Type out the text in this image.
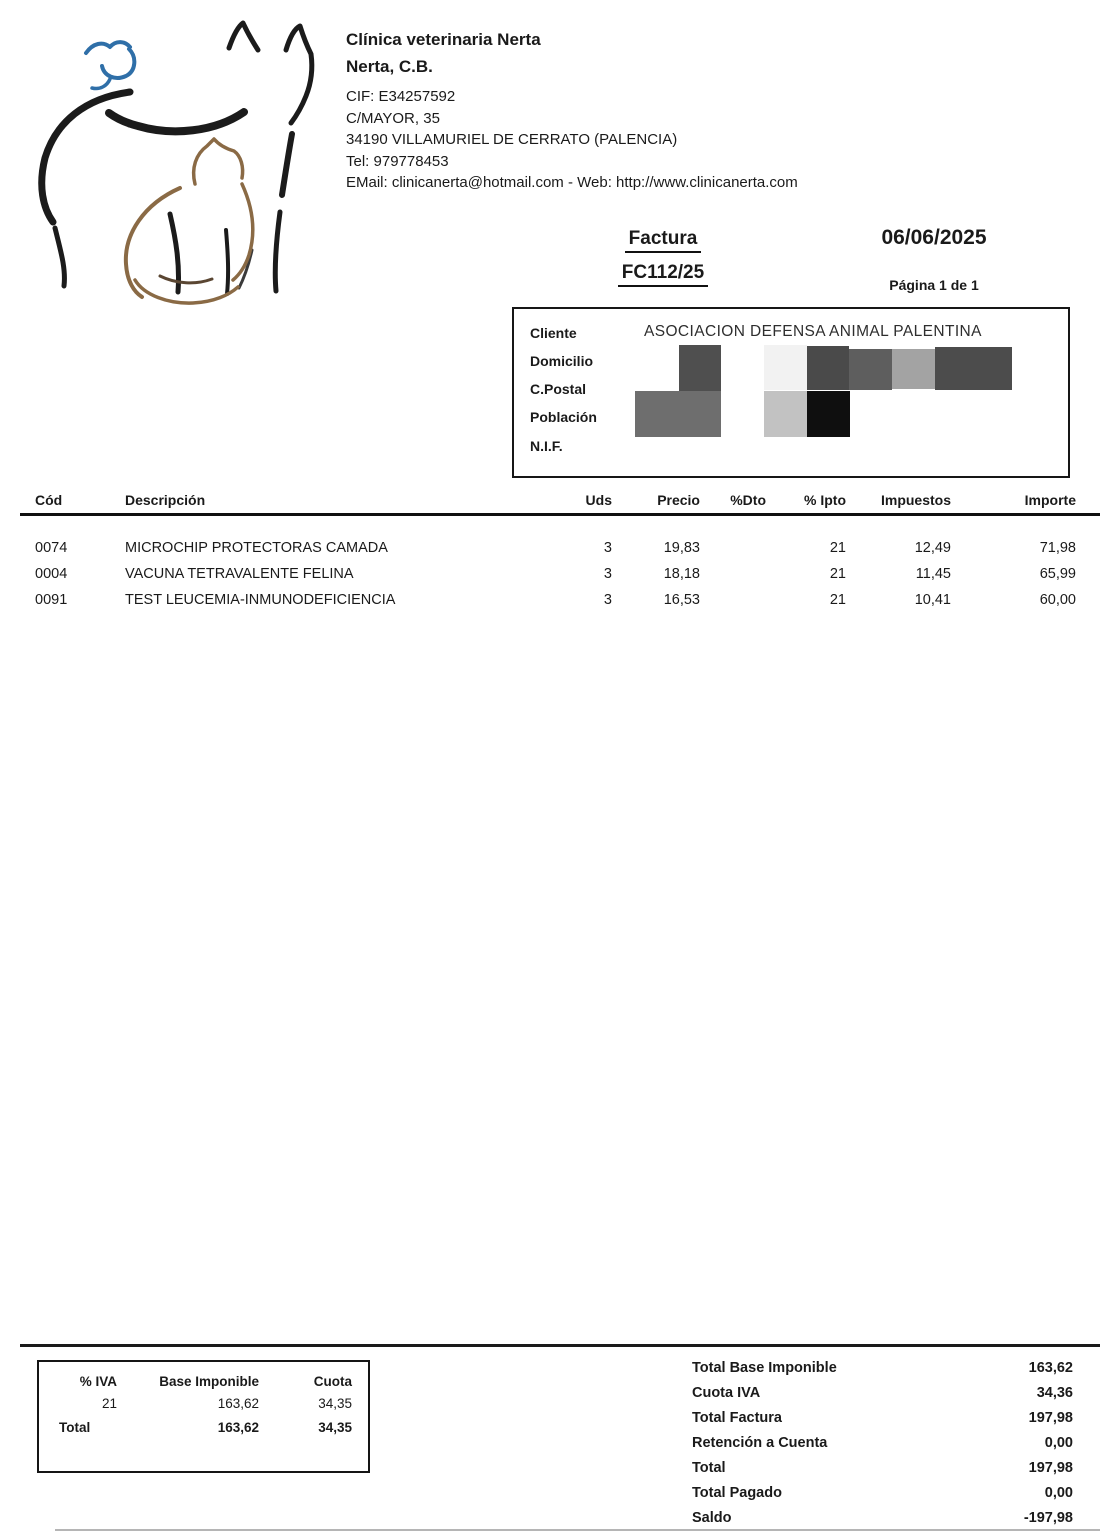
Clínica veterinaria Nerta
Nerta, C.B.
CIF: E34257592
C/MAYOR, 35
34190 VILLAMURIEL DE CERRATO (PALENCIA)
Tel: 979778453
EMail: clinicanerta@hotmail.com - Web: http://www.clinicanerta.com
Factura
FC112/25
06/06/2025
Página 1 de 1
Cliente
Domicilio
C.Postal
Población
N.I.F.
ASOCIACION DEFENSA ANIMAL PALENTINA
Cód	Descripción	Uds	Precio	%Dto	% Ipto	Impuestos	Importe
0074	MICROCHIP PROTECTORAS CAMADA	3	19,83		21	12,49	71,98
0004	VACUNA TETRAVALENTE FELINA	3	18,18		21	11,45	65,99
0091	TEST LEUCEMIA-INMUNODEFICIENCIA	3	16,53		21	10,41	60,00
% IVA	Base Imponible	Cuota
21	163,62	34,35
Total	163,62	34,35
Total Base Imponible	163,62
Cuota IVA	34,36
Total Factura	197,98
Retención a Cuenta	0,00
Total	197,98
Total Pagado	0,00
Saldo	-197,98
